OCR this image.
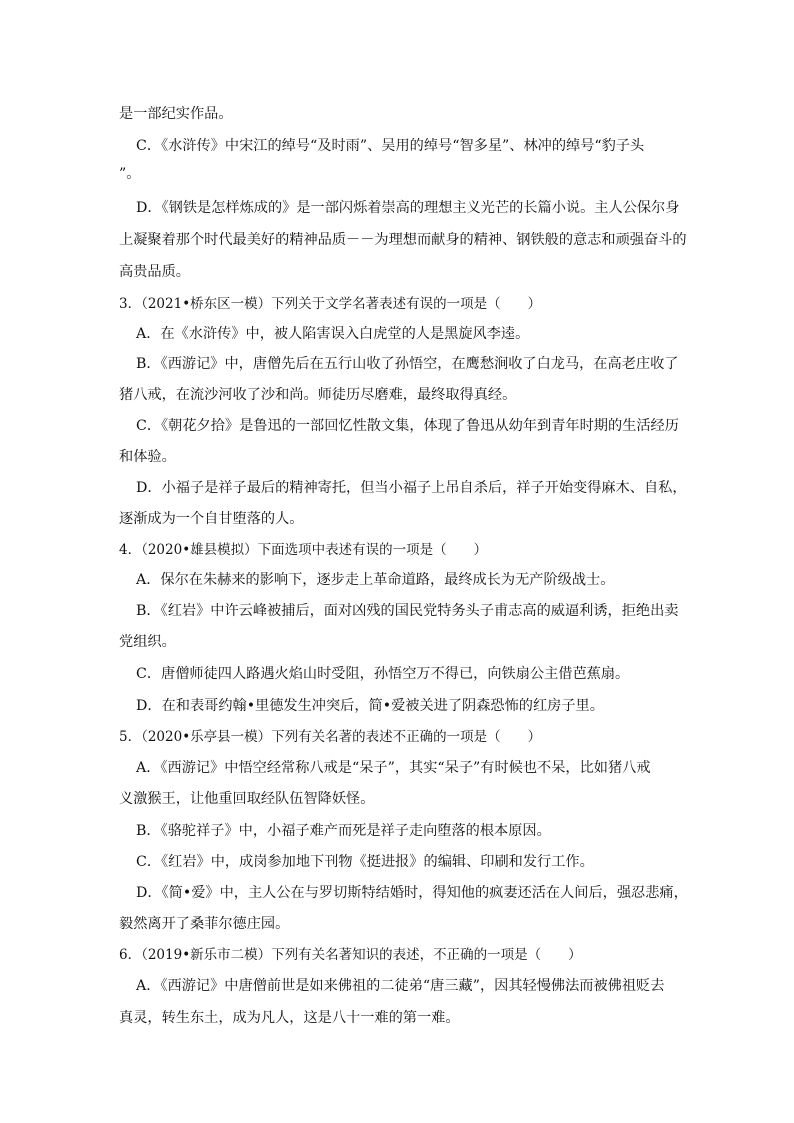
是一部纪实作品。
C．《水浒传》中宋江的绰号“及时雨”、吴用的绰号“智多星”、林冲的绰号“豹子头
”。
D．《钢铁是怎样炼成的》是一部闪烁着崇高的理想主义光芒的长篇小说。主人公保尔身
上凝聚着那个时代最美好的精神品质－－为理想而献身的精神、钢铁般的意志和顽强奋斗的
高贵品质。
3．（2021•桥东区一模）下列关于文学名著表述有误的一项是（　　）
A．在《水浒传》中，被人陷害误入白虎堂的人是黑旋风李逵。
B．《西游记》中，唐僧先后在五行山收了孙悟空，在鹰愁涧收了白龙马，在高老庄收了
猪八戒，在流沙河收了沙和尚。师徒历尽磨难，最终取得真经。
C．《朝花夕拾》是鲁迅的一部回忆性散文集，体现了鲁迅从幼年到青年时期的生活经历
和体验。
D．小福子是祥子最后的精神寄托，但当小福子上吊自杀后，祥子开始变得麻木、自私，
逐渐成为一个自甘堕落的人。
4．（2020•雄县模拟）下面选项中表述有误的一项是（　　）
A．保尔在朱赫来的影响下，逐步走上革命道路，最终成长为无产阶级战士。
B．《红岩》中许云峰被捕后，面对凶残的国民党特务头子甫志高的威逼利诱，拒绝出卖
党组织。
C．唐僧师徒四人路遇火焰山时受阻，孙悟空万不得已，向铁扇公主借芭蕉扇。
D．在和表哥约翰•里德发生冲突后，简•爱被关进了阴森恐怖的红房子里。
5．（2020•乐亭县一模）下列有关名著的表述不正确的一项是（　　）
A．《西游记》中悟空经常称八戒是“呆子”，其实“呆子”有时候也不呆，比如猪八戒
义激猴王，让他重回取经队伍智降妖怪。
B．《骆驼祥子》中，小福子难产而死是祥子走向堕落的根本原因。
C．《红岩》中，成岗参加地下刊物《挺进报》的编辑、印刷和发行工作。
D．《简•爱》中，主人公在与罗切斯特结婚时，得知他的疯妻还活在人间后，强忍悲痛，
毅然离开了桑菲尔德庄园。
6．（2019•新乐市二模）下列有关名著知识的表述，不正确的一项是（　　）
A．《西游记》中唐僧前世是如来佛祖的二徒弟“唐三藏”，因其轻慢佛法而被佛祖贬去
真灵，转生东土，成为凡人，这是八十一难的第一难。
